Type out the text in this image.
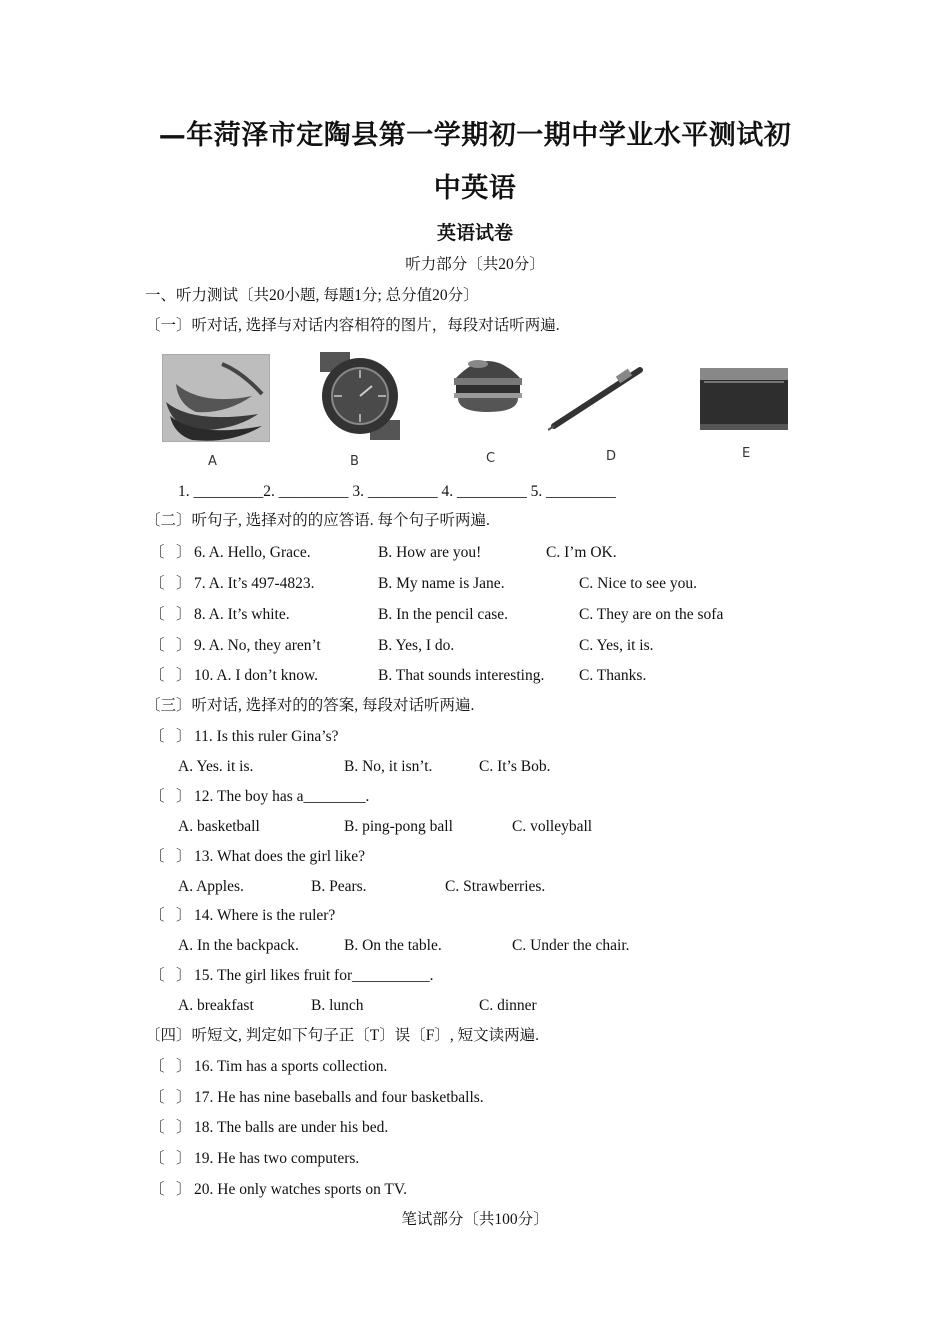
—年菏泽市定陶县第一学期初一期中学业水平测试初
中英语
英语试卷
听力部分〔共20分〕
一、听力测试〔共20小题, 每题1分; 总分值20分〕
〔一〕听对话, 选择与对话内容相符的图片，每段对话听两遍.
A	B	C	D	E
1. _________2. _________ 3. _________ 4. _________ 5. _________
〔二〕听句子, 选择对的的应答语. 每个句子听两遍.
〔 〕 6. A. Hello, Grace.	B. How are you!	C. I’m OK.
〔 〕 7. A. It’s 497-4823.	B. My name is Jane.	C. Nice to see you.
〔 〕 8. A. It’s white.	B. In the pencil case.	C. They are on the sofa
〔 〕 9. A. No, they aren’t	B. Yes, I do.	C. Yes, it is.
〔 〕 10. A. I don’t know.	B. That sounds interesting. C. Thanks.
〔三〕听对话, 选择对的的答案, 每段对话听两遍.
〔 〕 11. Is this ruler Gina’s?
A. Yes. it is.	B. No, it isn’t.	C. It’s Bob.
〔 〕 12. The boy has a________.
A. basketball	B. ping-pong ball	C. volleyball
〔 〕 13. What does the girl like?
A. Apples.	B. Pears.	C. Strawberries.
〔 〕 14. Where is the ruler?
A. In the backpack.	B. On the table.	C. Under the chair.
〔 〕 15. The girl likes fruit for__________.
A. breakfast	B. lunch	C. dinner
〔四〕听短文, 判定如下句子正〔T〕误〔F〕, 短文读两遍.
〔 〕 16. Tim has a sports collection.
〔 〕 17. He has nine baseballs and four basketballs.
〔 〕 18. The balls are under his bed.
〔 〕 19. He has two computers.
〔 〕 20. He only watches sports on TV.
笔试部分〔共100分〕
